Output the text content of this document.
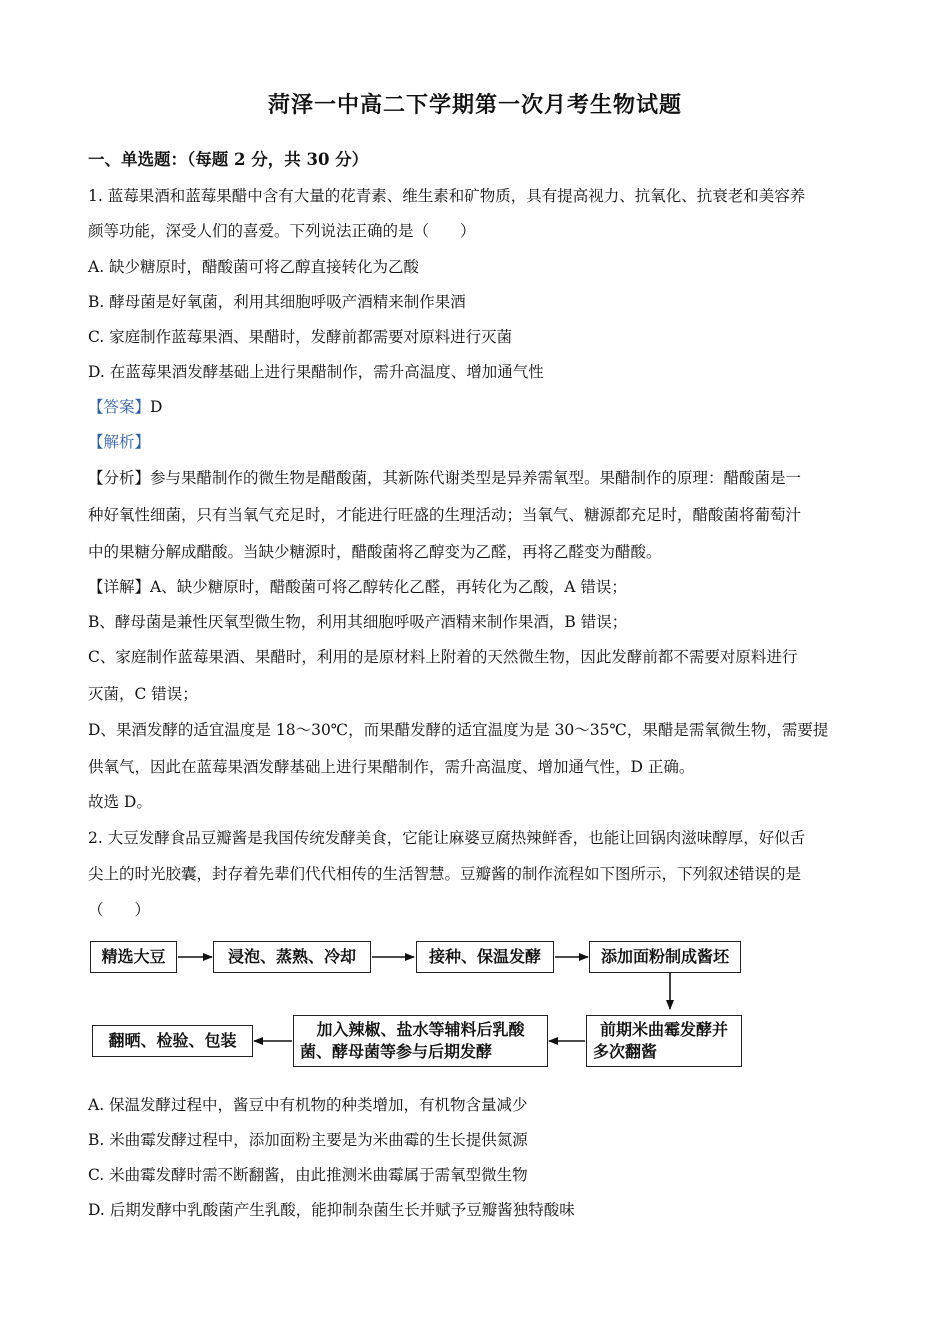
菏泽一中高二下学期第一次月考生物试题
一、单选题：（每题 2 分，共 30 分）
1. 蓝莓果酒和蓝莓果醋中含有大量的花青素、维生素和矿物质，具有提高视力、抗氧化、抗衰老和美容养
颜等功能，深受人们的喜爱。下列说法正确的是（　　）
A. 缺少糖原时，醋酸菌可将乙醇直接转化为乙酸
B. 酵母菌是好氧菌，利用其细胞呼吸产酒精来制作果酒
C. 家庭制作蓝莓果酒、果醋时，发酵前都需要对原料进行灭菌
D. 在蓝莓果酒发酵基础上进行果醋制作，需升高温度、增加通气性
【答案】D
【解析】
【分析】参与果醋制作的微生物是醋酸菌，其新陈代谢类型是异养需氧型。果醋制作的原理：醋酸菌是一
种好氧性细菌，只有当氧气充足时，才能进行旺盛的生理活动；当氧气、糖源都充足时，醋酸菌将葡萄汁
中的果糖分解成醋酸。当缺少糖源时，醋酸菌将乙醇变为乙醛，再将乙醛变为醋酸。
【详解】A、缺少糖原时，醋酸菌可将乙醇转化乙醛，再转化为乙酸，A 错误；
B、酵母菌是兼性厌氧型微生物，利用其细胞呼吸产酒精来制作果酒，B 错误；
C、家庭制作蓝莓果酒、果醋时，利用的是原材料上附着的天然微生物，因此发酵前都不需要对原料进行
灭菌，C 错误；
D、果酒发酵的适宜温度是 18～30℃，而果醋发酵的适宜温度为是 30～35℃，果醋是需氧微生物，需要提
供氧气，因此在蓝莓果酒发酵基础上进行果醋制作，需升高温度、增加通气性，D 正确。
故选 D。
2. 大豆发酵食品豆瓣酱是我国传统发酵美食，它能让麻婆豆腐热辣鲜香，也能让回锅肉滋味醇厚，好似舌
尖上的时光胶囊，封存着先辈们代代相传的生活智慧。豆瓣酱的制作流程如下图所示，下列叙述错误的是
（　　）
精选大豆	浸泡、蒸熟、冷却	接种、保温发酵	添加面粉制成酱坯
前期米曲霉发酵并
多次翻酱
加入辣椒、盐水等辅料后乳酸
菌、酵母菌等参与后期发酵
翻晒、检验、包装
A. 保温发酵过程中，酱豆中有机物的种类增加，有机物含量减少
B. 米曲霉发酵过程中，添加面粉主要是为米曲霉的生长提供氮源
C. 米曲霉发酵时需不断翻酱，由此推测米曲霉属于需氧型微生物
D. 后期发酵中乳酸菌产生乳酸，能抑制杂菌生长并赋予豆瓣酱独特酸味
